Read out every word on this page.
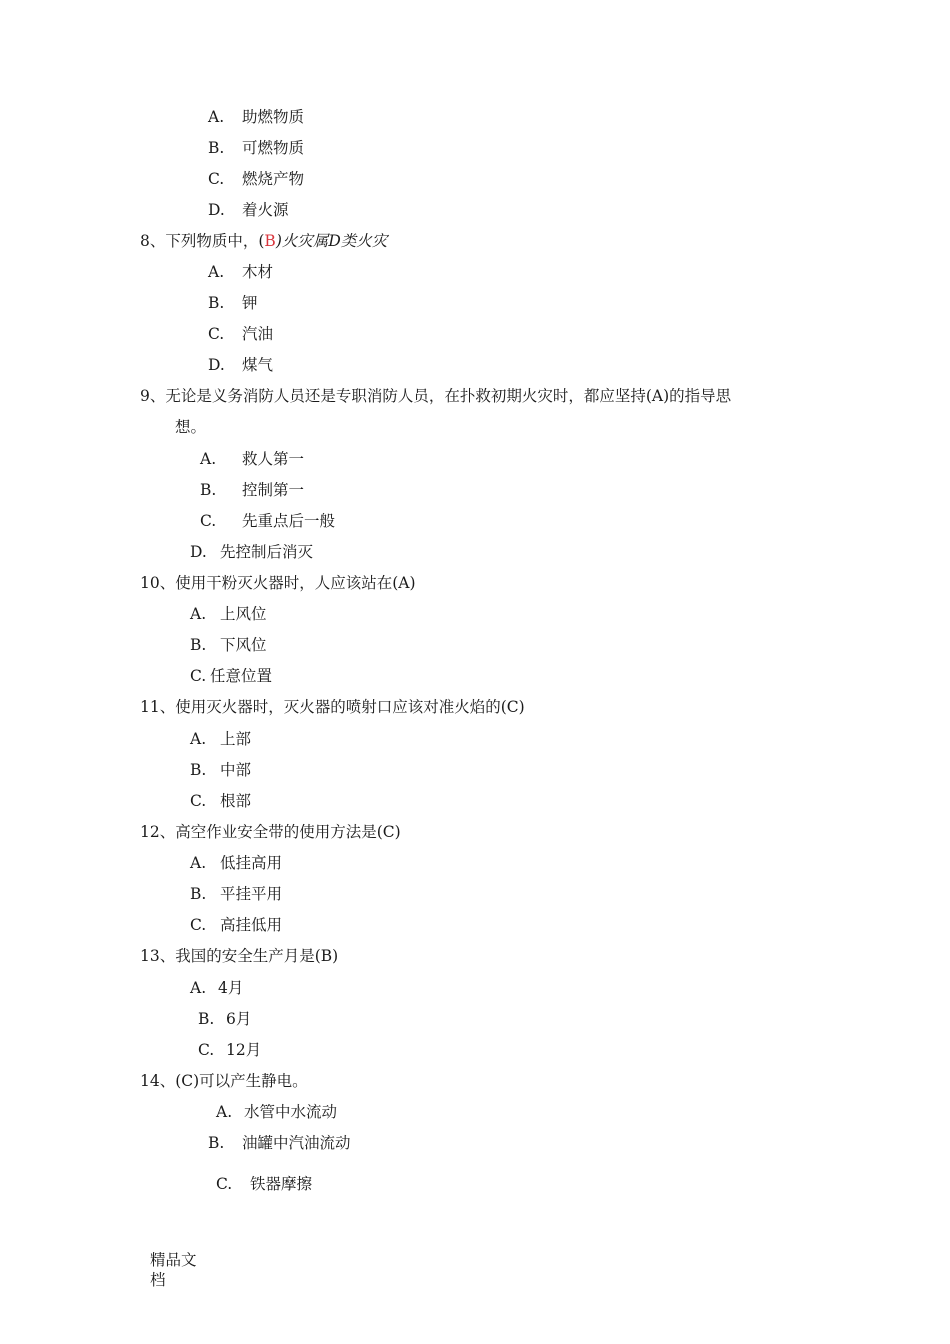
A. 助燃物质
B. 可燃物质
C. 燃烧产物
D. 着火源
8、下列物质中，(B)火灾属D类火灾
A. 木材
B. 钾
C. 汽油
D. 煤气
9、无论是义务消防人员还是专职消防人员，在扑救初期火灾时，都应坚持(A)的指导思
想。
A. 救人第一
B. 控制第一
C. 先重点后一般
D. 先控制后消灭
10、使用干粉灭火器时，人应该站在(A)
A. 上风位
B. 下风位
C. 任意位置
11、使用灭火器时，灭火器的喷射口应该对准火焰的(C)
A. 上部
B. 中部
C. 根部
12、高空作业安全带的使用方法是(C)
A. 低挂高用
B. 平挂平用
C. 高挂低用
13、我国的安全生产月是(B)
A. 4月
B. 6月
C. 12月
14、(C)可以产生静电。
A. 水管中水流动
B. 油罐中汽油流动
C. 铁器摩擦
精品文
档
